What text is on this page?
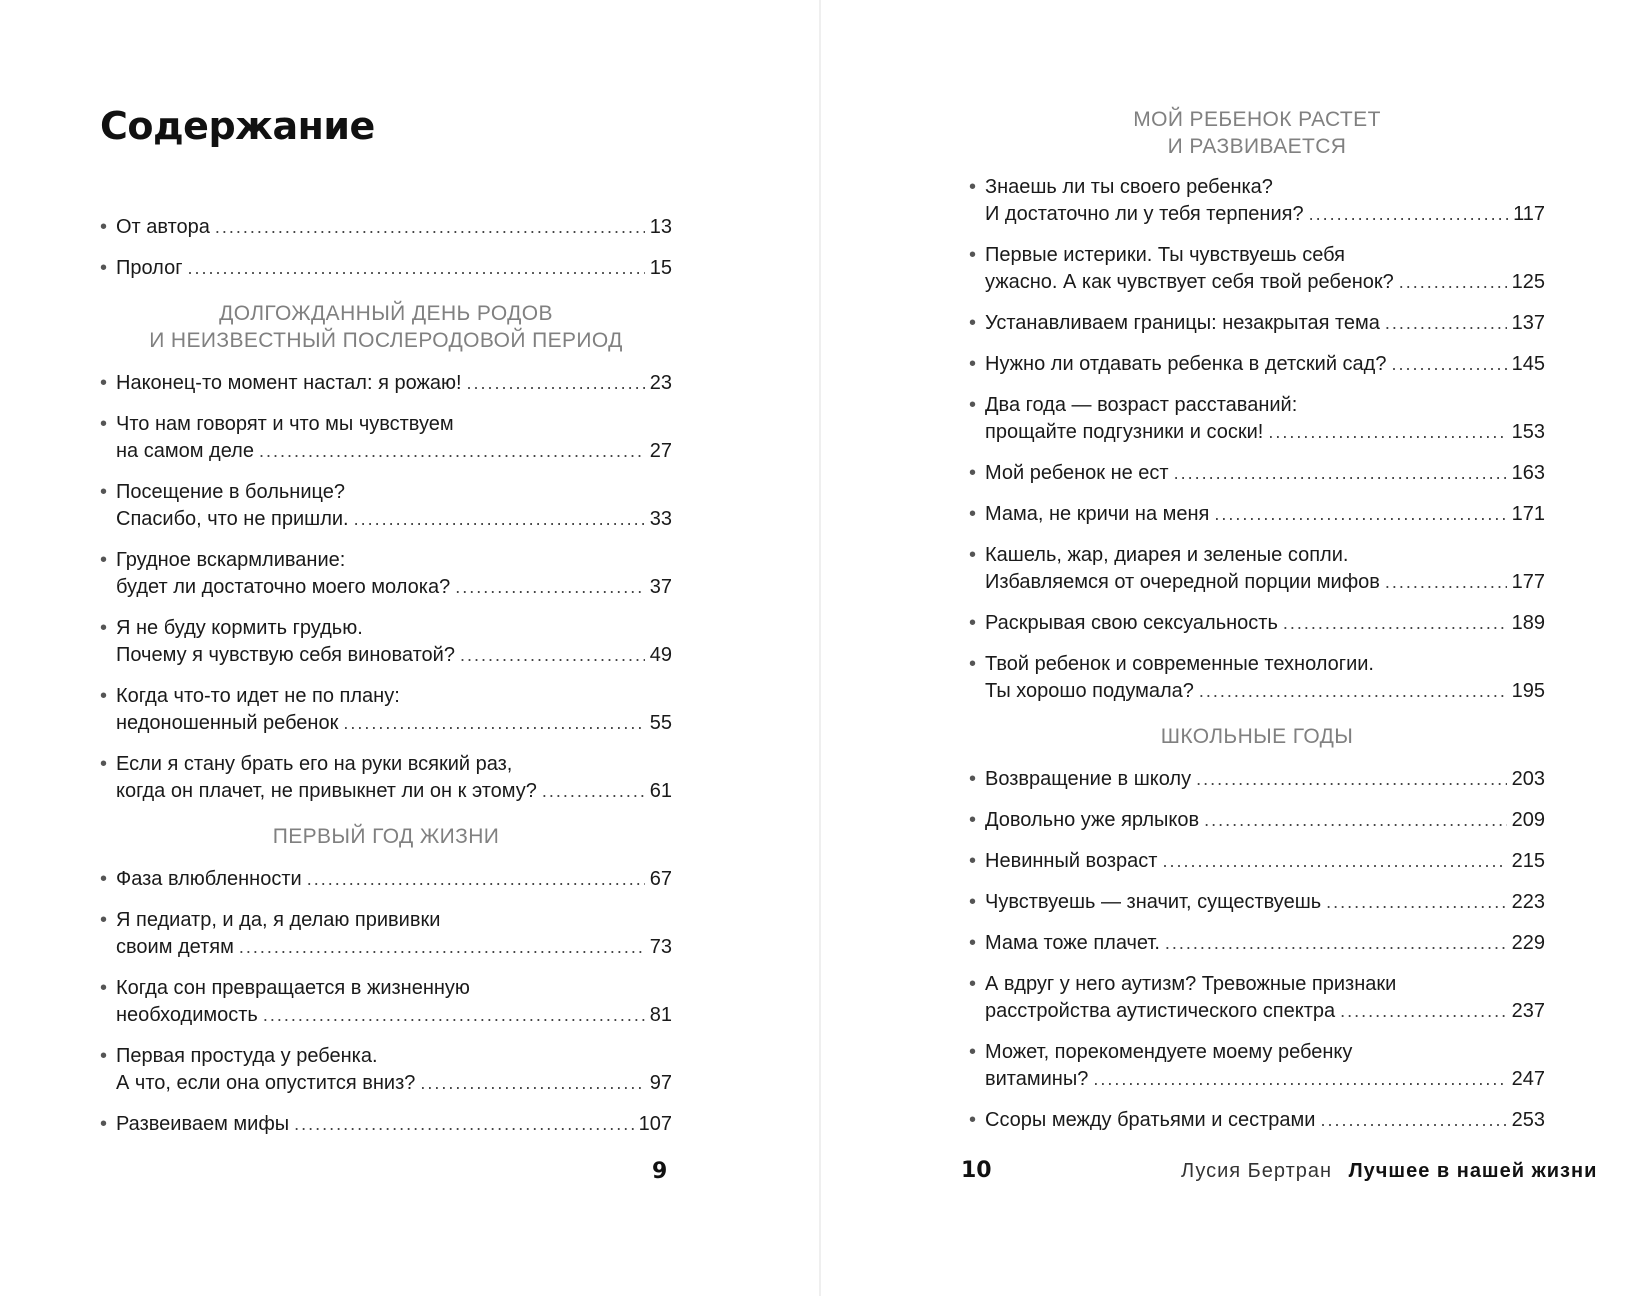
Содержание
• От автора .....	13
• Пролог .....	15
ДОЛГОЖДАННЫЙ ДЕНЬ РОДОВ
И НЕИЗВЕСТНЫЙ ПОСЛЕРОДОВОЙ ПЕРИОД
• Наконец-то момент настал: я рожаю! .....	23
• Что нам говорят и что мы чувствуем
на самом деле .....	27
• Посещение в больнице?
Спасибо, что не пришли. .....	33
• Грудное вскармливание:
будет ли достаточно моего молока? .....	37
• Я не буду кормить грудью.
Почему я чувствую себя виноватой? .....	49
• Когда что-то идет не по плану:
недоношенный ребенок .....	55
• Если я стану брать его на руки всякий раз,
когда он плачет, не привыкнет ли он к этому? .....	61
ПЕРВЫЙ ГОД ЖИЗНИ
• Фаза влюбленности .....	67
• Я педиатр, и да, я делаю прививки
своим детям .....	73
• Когда сон превращается в жизненную
необходимость .....	81
• Первая простуда у ребенка.
А что, если она опустится вниз? .....	97
• Развеиваем мифы .....	107
9
МОЙ РЕБЕНОК РАСТЕТ
И РАЗВИВАЕТСЯ
• Знаешь ли ты своего ребенка?
И достаточно ли у тебя терпения? .....	117
• Первые истерики. Ты чувствуешь себя
ужасно. А как чувствует себя твой ребенок? .....	125
• Устанавливаем границы: незакрытая тема .....	137
• Нужно ли отдавать ребенка в детский сад? .....	145
• Два года — возраст расставаний:
прощайте подгузники и соски! .....	153
• Мой ребенок не ест .....	163
• Мама, не кричи на меня .....	171
• Кашель, жар, диарея и зеленые сопли.
Избавляемся от очередной порции мифов .....	177
• Раскрывая свою сексуальность .....	189
• Твой ребенок и современные технологии.
Ты хорошо подумала? .....	195
ШКОЛЬНЫЕ ГОДЫ
• Возвращение в школу .....	203
• Довольно уже ярлыков .....	209
• Невинный возраст .....	215
• Чувствуешь — значит, существуешь .....	223
• Мама тоже плачет. .....	229
• А вдруг у него аутизм? Тревожные признаки
расстройства аутистического спектра .....	237
• Может, порекомендуете моему ребенку
витамины? .....	247
• Ссоры между братьями и сестрами .....	253
10	Лусия Бертран Лучшее в нашей жизни
